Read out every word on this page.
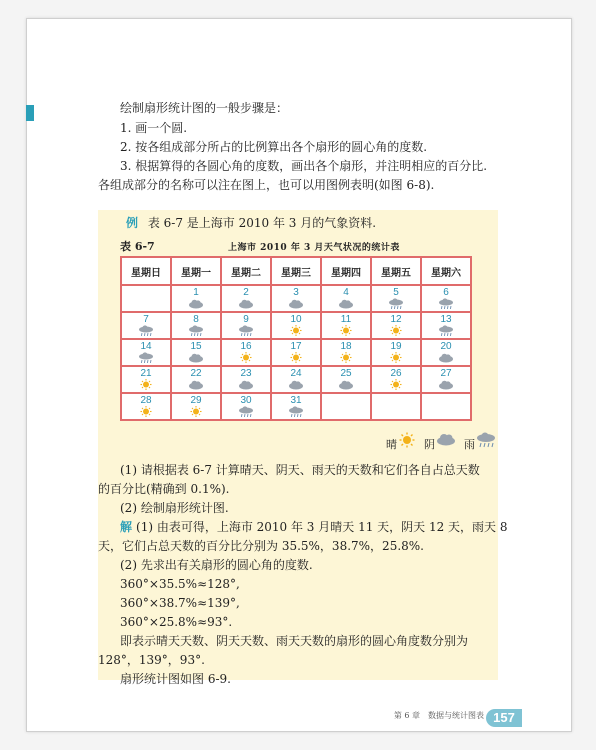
绘制扇形统计图的一般步骤是：
1. 画一个圆.
2. 按各组成部分所占的比例算出各个扇形的圆心角的度数.
3. 根据算得的各圆心角的度数，画出各个扇形，并注明相应的百分比.
各组成部分的名称可以注在图上，也可以用图例表明(如图 6-8).
例 表 6-7 是上海市 2010 年 3 月的气象资料.
表 6-7	上海市 2010 年 3 月天气状况的统计表
星期日	星期一	星期二	星期三	星期四	星期五	星期六

	1	2	3	4	5	6

7	8	9	10	11	12	13

14	15	16	17	18	19	20

21	22	23	24	25	26	27

28	29	30	31			

晴 阴	雨
(1) 请根据表 6-7 计算晴天、阴天、雨天的天数和它们各自占总天数
的百分比(精确到 0.1%).
(2) 绘制扇形统计图.
解 (1) 由表可得，上海市 2010 年 3 月晴天 11 天，阴天 12 天，雨天 8
天，它们占总天数的百分比分别为 35.5%，38.7%，25.8%.
(2) 先求出有关扇形的圆心角的度数.
360°×35.5%≈128°,
360°×38.7%≈139°,
360°×25.8%≈93°.
即表示晴天天数、阴天天数、雨天天数的扇形的圆心角度数分别为
128°，139°，93°.
扇形统计图如图 6-9.
第 6 章　数据与统计图表 157
